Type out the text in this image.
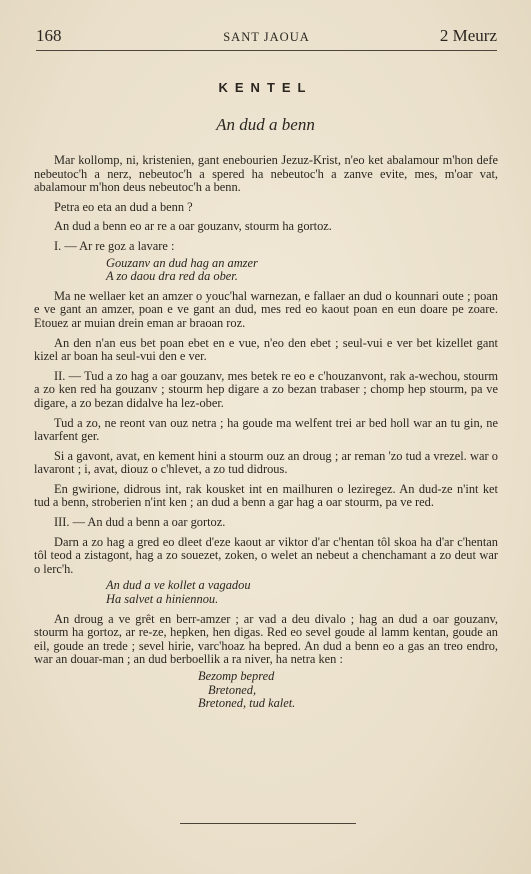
168	SANT JAOUA	2 Meurz
KENTEL
An dud a benn

Mar kollomp, ni, kristenien, gant enebourien Jezuz-Krist, n'eo ket abalamour m'hon defe nebeutoc'h a nerz, nebeutoc'h a spered ha nebeutoc'h a zanve evite, mes, m'oar vat, abalamour m'hon deus nebeutoc'h a benn.

Petra eo eta an dud a benn ?

An dud a benn eo ar re a oar gouzanv, stourm ha gortoz.

I. — Ar re goz a lavare :

Gouzanv an dud hag an amzer
A zo daou dra red da ober.

Ma ne wellaer ket an amzer o youc'hal warnezan, e fallaer an dud o kounnari oute ; poan e ve gant an amzer, poan e ve gant an dud, mes red eo kaout poan en eun doare pe zoare. Etouez ar muian drein eman ar braoan roz.

An den n'an eus bet poan ebet en e vue, n'eo den ebet ; seul-vui e ver bet kizellet gant kizel ar boan ha seul-vui den e ver.

II. — Tud a zo hag a oar gouzanv, mes betek re eo e c'houzanvont, rak a-wechou, stourm a zo ken red ha gouzanv ; stourm hep digare a zo bezan trabaser ; chomp hep stourm, pa ve digare, a zo bezan didalve ha lez-ober.

Tud a zo, ne reont van ouz netra ; ha goude ma welfent trei ar bed holl war an tu gin, ne lavarfent ger.

Si a gavont, avat, en kement hini a stourm ouz an droug ; ar reman 'zo tud a vrezel. war o lavaront ; i, avat, diouz o c'hlevet, a zo tud didrous.

En gwirione, didrous int, rak kousket int en mailhuren o leziregez. An dud-ze n'int ket tud a benn, stroberien n'int ken ; an dud a benn a gar hag a oar stourm, pa ve red.

III. — An dud a benn a oar gortoz.

Darn a zo hag a gred eo dleet d'eze kaout ar viktor d'ar c'hentan tôl skoa ha d'ar c'hentan tôl teod a zistagont, hag a zo souezet, zoken, o welet an nebeut a chenchamant a zo deut war o lerc'h.

An dud a ve kollet a vagadou
Ha salvet a hiniennou.

An droug a ve grêt en berr-amzer ; ar vad a deu divalo ; hag an dud a oar gouzanv, stourm ha gortoz, ar re-ze, hepken, hen digas. Red eo sevel goude al lamm kentan, goude an eil, goude an trede ; sevel hirie, varc'hoaz ha bepred. An dud a benn eo a gas an treo endro, war an douar-man ; an dud berboellik a ra niver, ha netra ken :

Bezomp bepred
Bretoned,
Bretoned, tud kalet.
